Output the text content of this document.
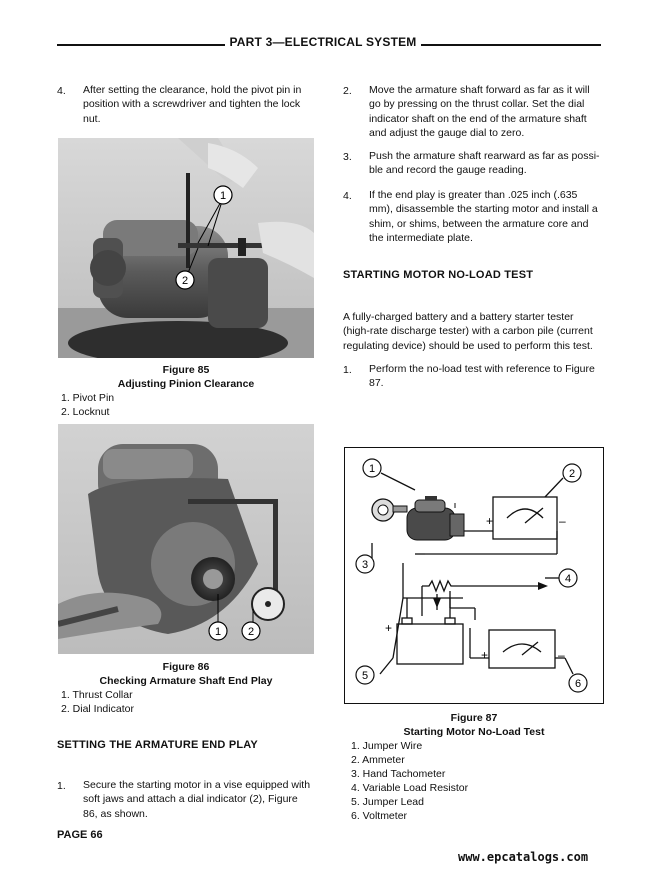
PART 3—ELECTRICAL SYSTEM
4. After setting the clearance, hold the pivot pin in
position with a screwdriver and tighten the lock
nut.
1
2
Figure 85
Adjusting Pinion Clearance
1. Pivot Pin
2. Locknut
1 2
Figure 86
Checking Armature Shaft End Play
1. Thrust Collar
2. Dial Indicator
SETTING THE ARMATURE END PLAY
1. Secure the starting motor in a vise equipped with
soft jaws and attach a dial indicator (2), Figure
86, as shown.
PAGE 66
2. Move the armature shaft forward as far as it will
go by pressing on the thrust collar. Set the dial
indicator shaft on the end of the armature shaft
and adjust the gauge dial to zero.
3. Push the armature shaft rearward as far as possi-
ble and record the gauge reading.
4. If the end play is greater than .025 inch (.635
mm), disassemble the starting motor and install a
shim, or shims, between the armature core and
the intermediate plate.
STARTING MOTOR NO-LOAD TEST
A fully-charged battery and a battery starter tester
(high-rate discharge tester) with a carbon pile (current
regulating device) should be used to perform this test.
1. Perform the no-load test with reference to Figure
87.
+	–
+
+	–
1	2
3
4
5
6
Figure 87
Starting Motor No-Load Test
1. Jumper Wire
2. Ammeter
3. Hand Tachometer
4. Variable Load Resistor
5. Jumper Lead
6. Voltmeter
www.epcatalogs.com
